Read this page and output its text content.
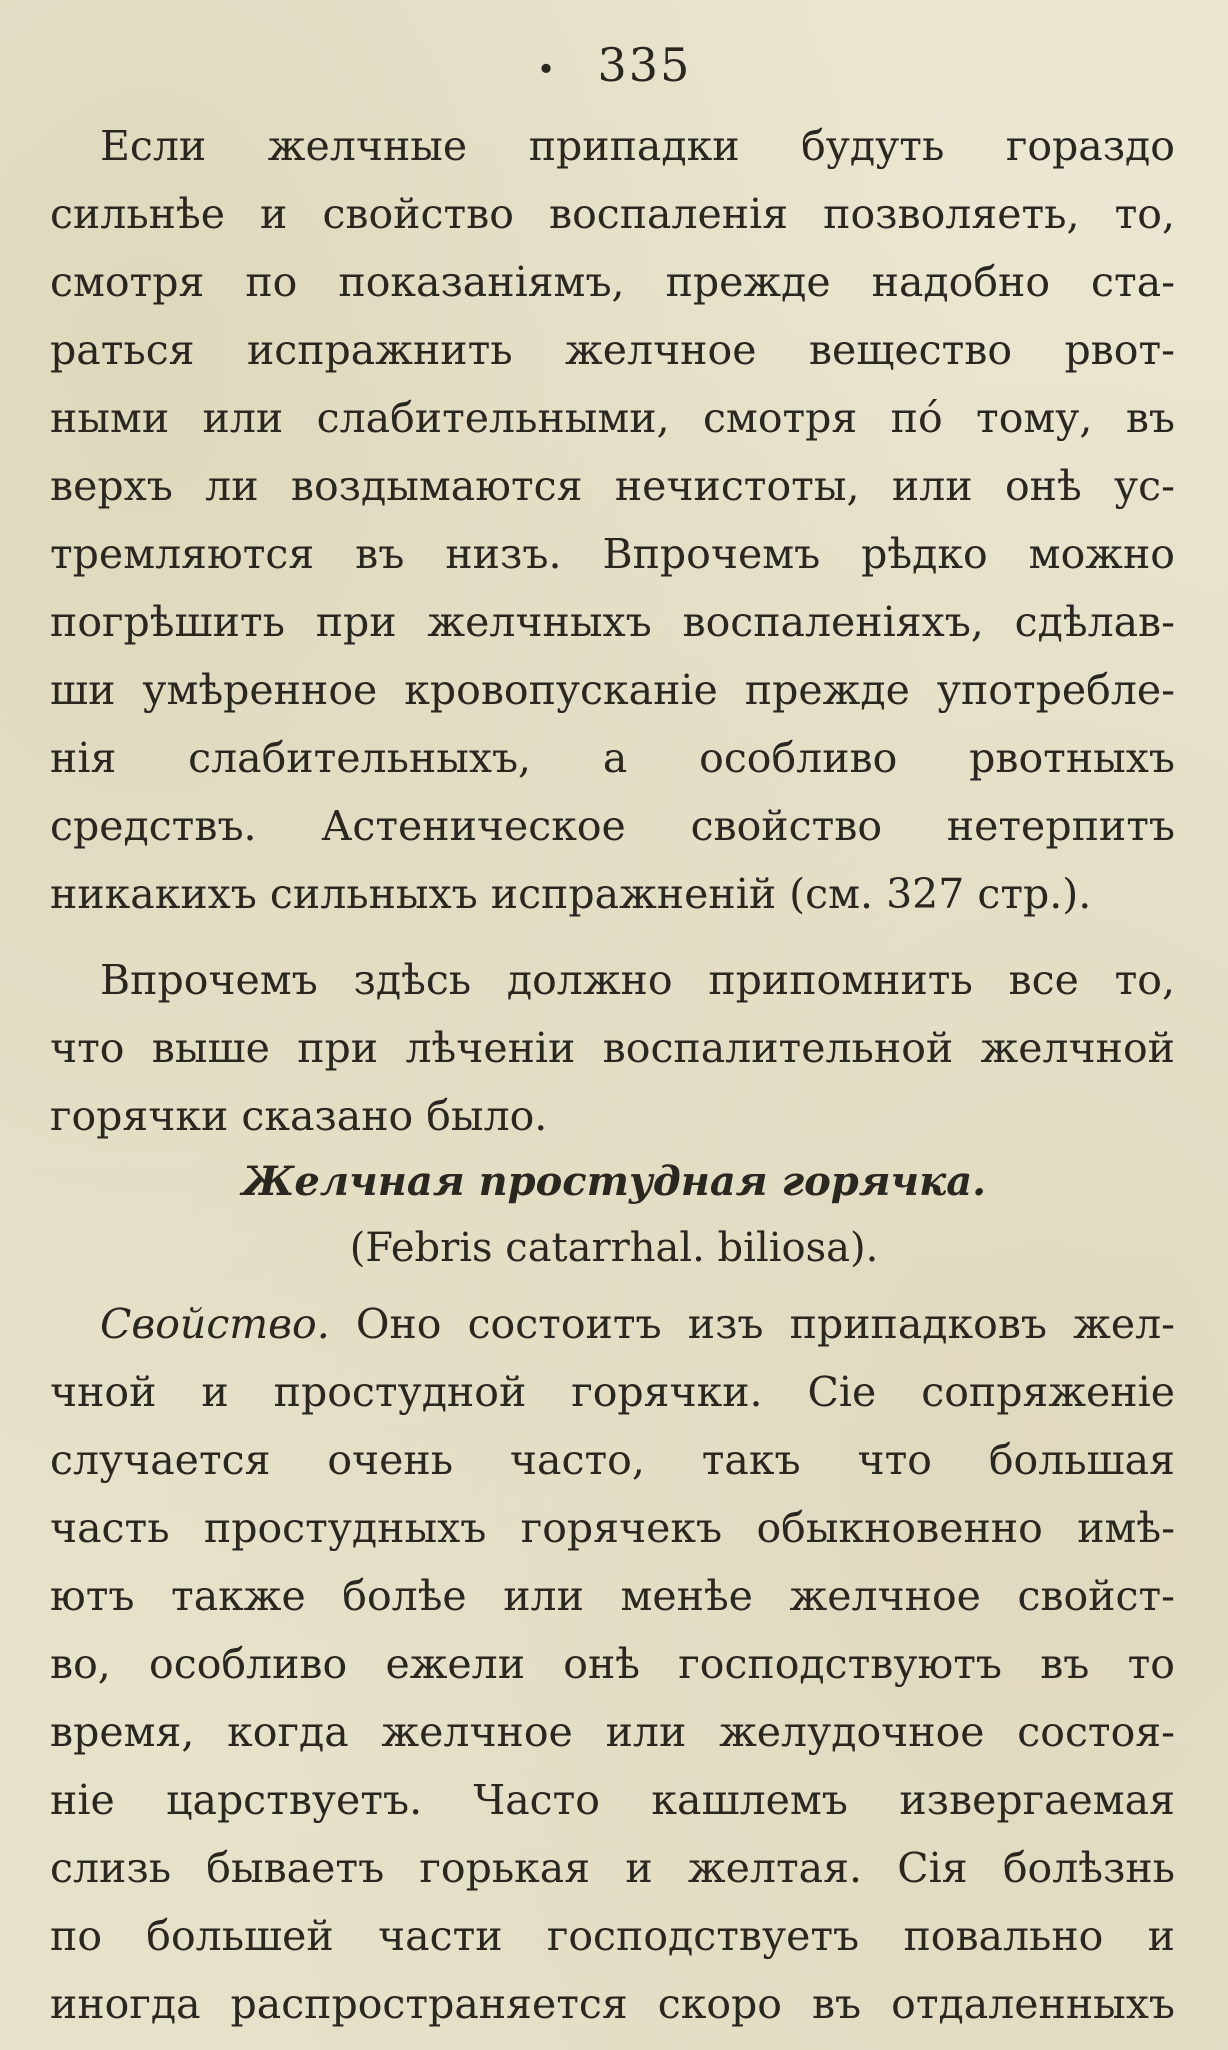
• 335
Если желчные припадки будуть гораздо
сильнѣе и свойство воспаленія позволяеть, то,
смотря по показаніямъ, прежде надобно ста-
раться испражнить желчное вещество рвот-
ными или слабительными, смотря по́ тому, въ
верхъ ли воздымаются нечистоты, или онѣ ус-
тремляются въ низъ. Впрочемъ рѣдко можно
погрѣшить при желчныхъ воспаленіяхъ, сдѣлав-
ши умѣренное кровопусканіе прежде употребле-
нія слабительныхъ, а особливо рвотныхъ
средствъ. Астеническое свойство нетерпитъ
никакихъ сильныхъ испражненій (см. 327 стр.).
Впрочемъ здѣсь должно припомнить все то,
что выше при лѣченіи воспалительной желчной
горячки сказано было.
Желчная простудная горячка.
(Febris catarrhal. biliosa).
Свойство. Оно состоитъ изъ припадковъ жел-
чной и простудной горячки. Сіе сопряженіе
случается очень часто, такъ что большая
часть простудныхъ горячекъ обыкновенно имѣ-
ютъ также болѣе или менѣе желчное свойст-
во, особливо ежели онѣ господствуютъ въ то
время, когда желчное или желудочное состоя-
ніе царствуетъ. Часто кашлемъ извергаемая
слизь бываетъ горькая и желтая. Сія болѣзнь
по большей части господствуетъ повально и
иногда распространяется скоро въ отдаленныхъ
